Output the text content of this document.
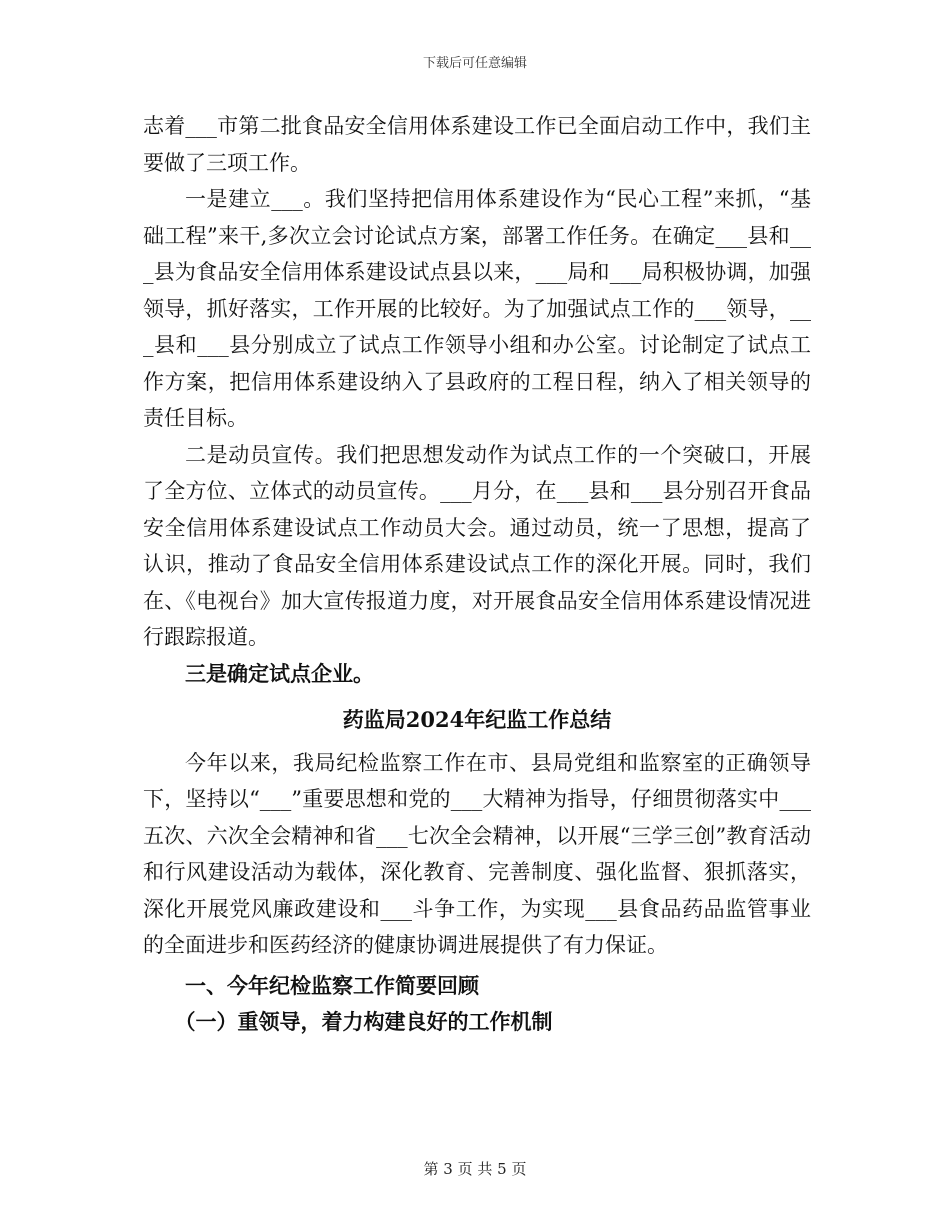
下载后可任意编辑

志着___市第二批食品安全信用体系建设工作已全面启动工作中，我们主要做了三项工作。

一是建立___。我们坚持把信用体系建设作为“民心工程”来抓，“基础工程”来干,多次立会讨论试点方案，部署工作任务。在确定___县和___县为食品安全信用体系建设试点县以来，___局和___局积极协调，加强领导，抓好落实，工作开展的比较好。为了加强试点工作的___领导，___县和___县分别成立了试点工作领导小组和办公室。讨论制定了试点工作方案，把信用体系建设纳入了县政府的工程日程，纳入了相关领导的责任目标。

二是动员宣传。我们把思想发动作为试点工作的一个突破口，开展了全方位、立体式的动员宣传。___月分，在___县和___县分别召开食品安全信用体系建设试点工作动员大会。通过动员，统一了思想，提高了认识，推动了食品安全信用体系建设试点工作的深化开展。同时，我们在、《电视台》加大宣传报道力度，对开展食品安全信用体系建设情况进行跟踪报道。

三是确定试点企业。

药监局2024年纪监工作总结

今年以来，我局纪检监察工作在市、县局党组和监察室的正确领导下，坚持以“___”重要思想和党的___大精神为指导，仔细贯彻落实中___五次、六次全会精神和省___七次全会精神，以开展“三学三创”教育活动和行风建设活动为载体，深化教育、完善制度、强化监督、狠抓落实，深化开展党风廉政建设和___斗争工作，为实现___县食品药品监管事业的全面进步和医药经济的健康协调进展提供了有力保证。

一、今年纪检监察工作简要回顾
（一）重领导，着力构建良好的工作机制
第 3 页 共 5 页
